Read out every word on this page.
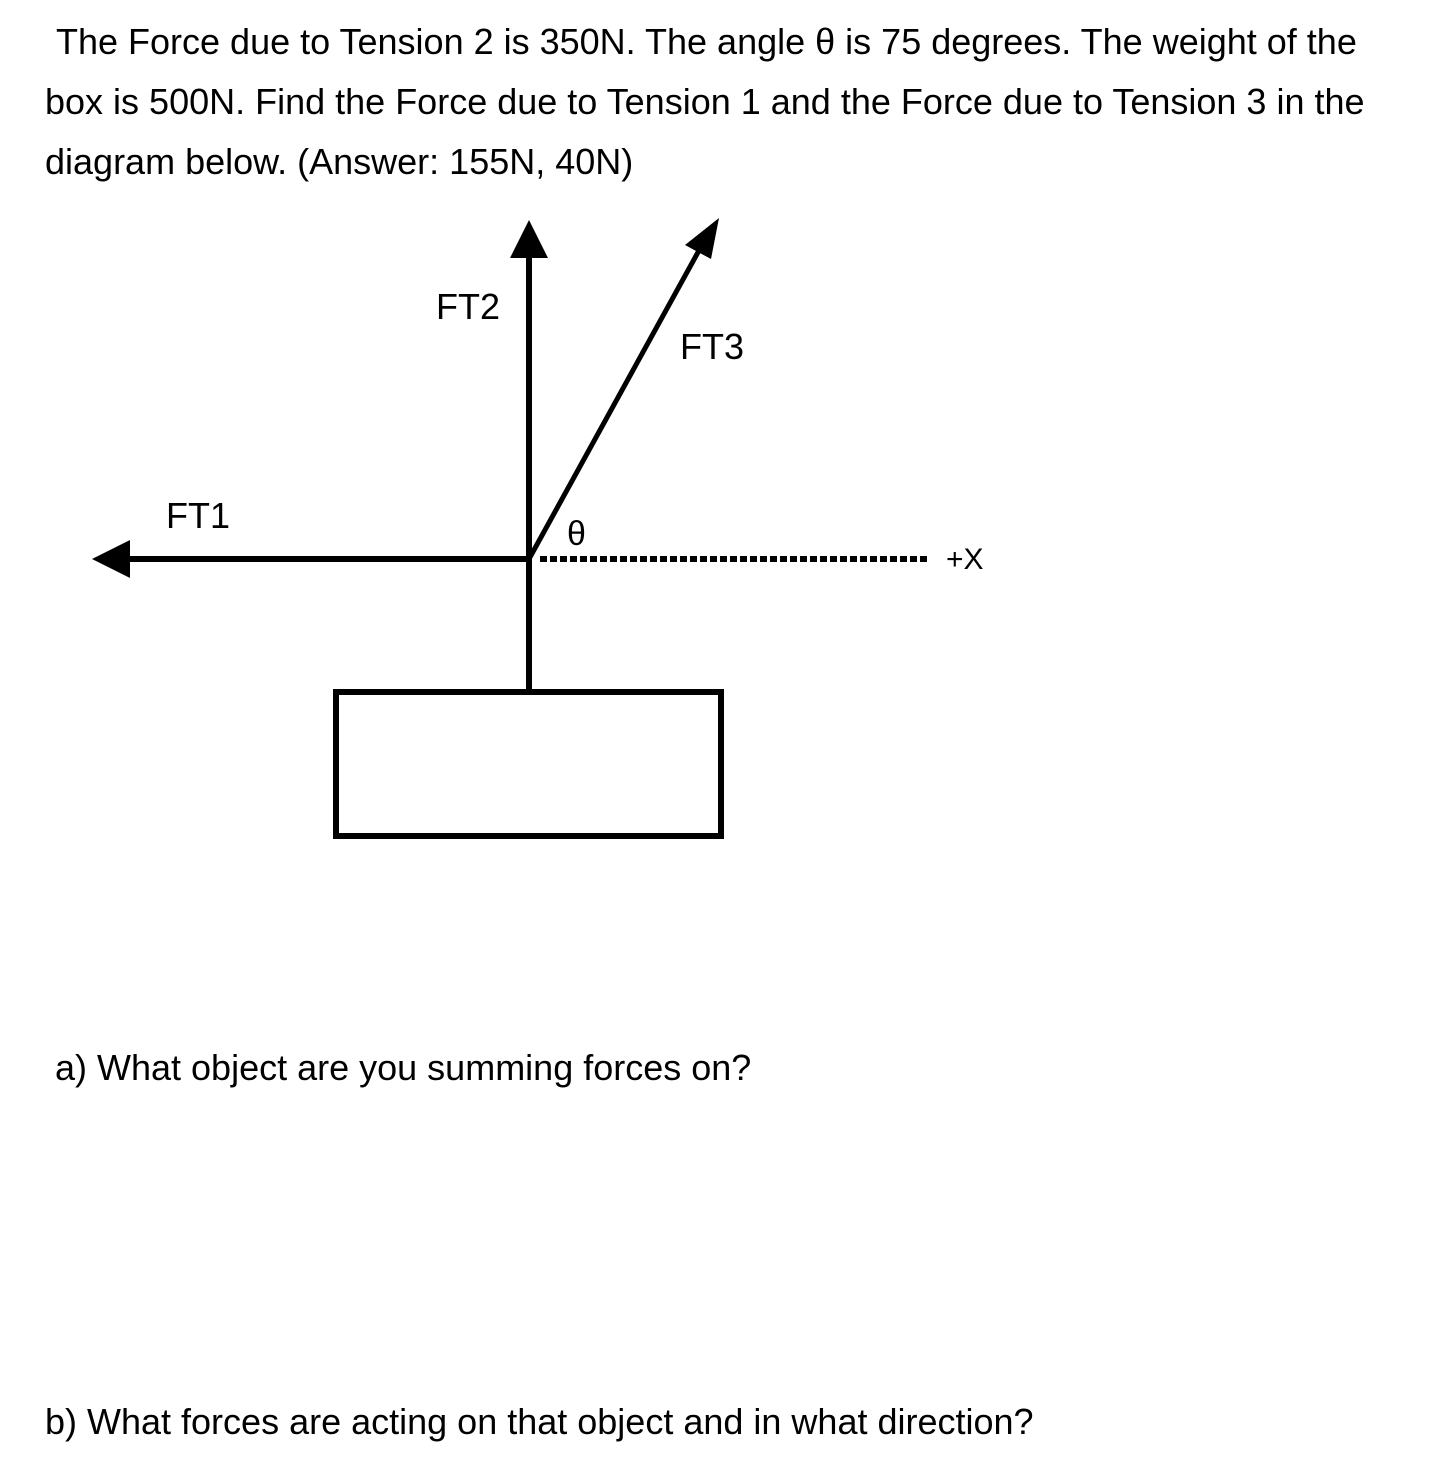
The Force due to Tension 2 is 350N. The angle θ is 75 degrees. The weight of the
box is 500N. Find the Force due to Tension 1 and the Force due to Tension 3 in the
diagram below. (Answer: 155N, 40N)
FT1
FT2
FT3
θ
+X

a) What object are you summing forces on?

b) What forces are acting on that object and in what direction?
